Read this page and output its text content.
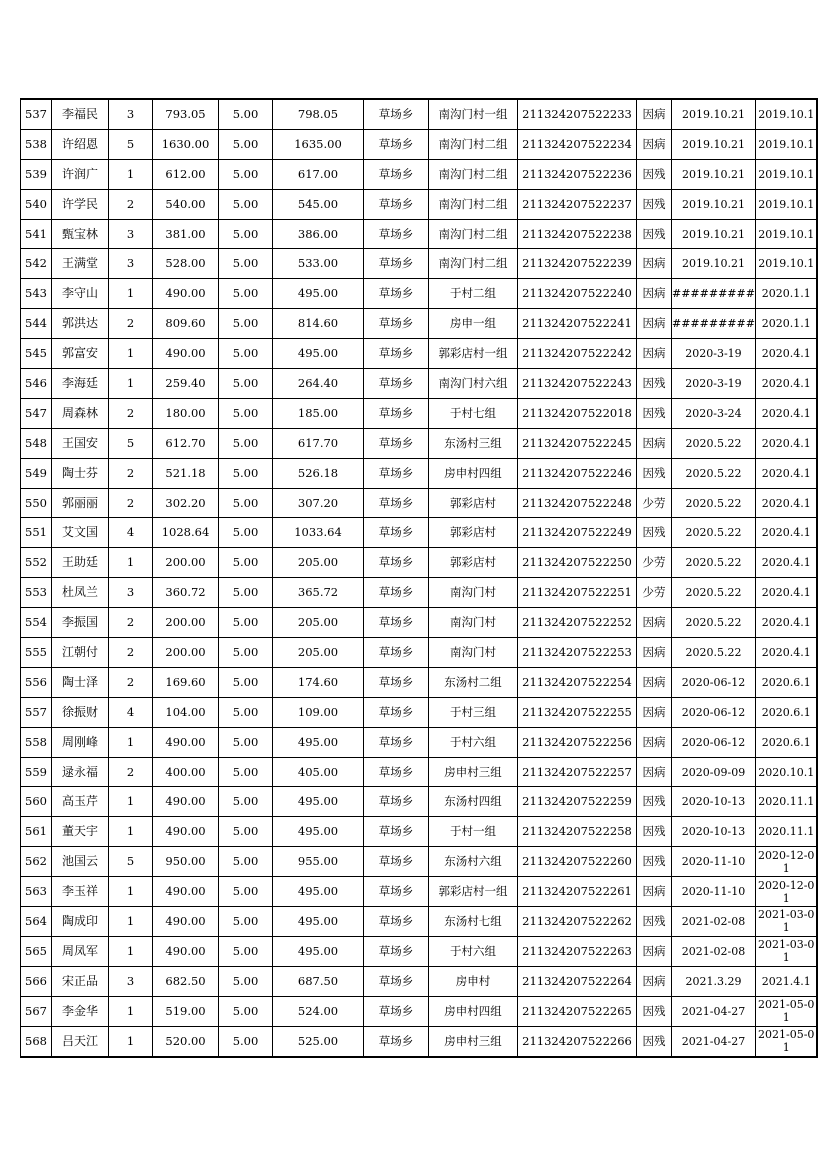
537	李福民	3	793.05	5.00	798.05	草场乡	南沟门村一组	211324207522233	因病	2019.10.21	2019.10.1
538	许绍恩	5	1630.00	5.00	1635.00	草场乡	南沟门村二组	211324207522234	因病	2019.10.21	2019.10.1
539	许润广	1	612.00	5.00	617.00	草场乡	南沟门村二组	211324207522236	因残	2019.10.21	2019.10.1
540	许学民	2	540.00	5.00	545.00	草场乡	南沟门村二组	211324207522237	因残	2019.10.21	2019.10.1
541	甄宝林	3	381.00	5.00	386.00	草场乡	南沟门村二组	211324207522238	因残	2019.10.21	2019.10.1
542	王满堂	3	528.00	5.00	533.00	草场乡	南沟门村二组	211324207522239	因病	2019.10.21	2019.10.1
543	李守山	1	490.00	5.00	495.00	草场乡	于村二组	211324207522240	因病	#########	2020.1.1
544	郭洪达	2	809.60	5.00	814.60	草场乡	房申一组	211324207522241	因病	#########	2020.1.1
545	郭富安	1	490.00	5.00	495.00	草场乡	郭彩店村一组	211324207522242	因病	2020-3-19	2020.4.1
546	李海廷	1	259.40	5.00	264.40	草场乡	南沟门村六组	211324207522243	因残	2020-3-19	2020.4.1
547	周森林	2	180.00	5.00	185.00	草场乡	于村七组	211324207522018	因残	2020-3-24	2020.4.1
548	王国安	5	612.70	5.00	617.70	草场乡	东汤村三组	211324207522245	因病	2020.5.22	2020.4.1
549	陶士芬	2	521.18	5.00	526.18	草场乡	房申村四组	211324207522246	因残	2020.5.22	2020.4.1
550	郭丽丽	2	302.20	5.00	307.20	草场乡	郭彩店村	211324207522248	少劳	2020.5.22	2020.4.1
551	艾文国	4	1028.64	5.00	1033.64	草场乡	郭彩店村	211324207522249	因残	2020.5.22	2020.4.1
552	王助廷	1	200.00	5.00	205.00	草场乡	郭彩店村	211324207522250	少劳	2020.5.22	2020.4.1
553	杜凤兰	3	360.72	5.00	365.72	草场乡	南沟门村	211324207522251	少劳	2020.5.22	2020.4.1
554	李振国	2	200.00	5.00	205.00	草场乡	南沟门村	211324207522252	因病	2020.5.22	2020.4.1
555	江朝付	2	200.00	5.00	205.00	草场乡	南沟门村	211324207522253	因病	2020.5.22	2020.4.1
556	陶士泽	2	169.60	5.00	174.60	草场乡	东汤村二组	211324207522254	因病	2020-06-12	2020.6.1
557	徐振财	4	104.00	5.00	109.00	草场乡	于村三组	211324207522255	因病	2020-06-12	2020.6.1
558	周刚峰	1	490.00	5.00	495.00	草场乡	于村六组	211324207522256	因病	2020-06-12	2020.6.1
559	逯永福	2	400.00	5.00	405.00	草场乡	房申村三组	211324207522257	因病	2020-09-09	2020.10.1
560	高玉芹	1	490.00	5.00	495.00	草场乡	东汤村四组	211324207522259	因残	2020-10-13	2020.11.1
561	董天宇	1	490.00	5.00	495.00	草场乡	于村一组	211324207522258	因残	2020-10-13	2020.11.1
562	池国云	5	950.00	5.00	955.00	草场乡	东汤村六组	211324207522260	因残	2020-11-10	2020-12-01
563	李玉祥	1	490.00	5.00	495.00	草场乡	郭彩店村一组	211324207522261	因病	2020-11-10	2020-12-01
564	陶成印	1	490.00	5.00	495.00	草场乡	东汤村七组	211324207522262	因残	2021-02-08	2021-03-01
565	周凤军	1	490.00	5.00	495.00	草场乡	于村六组	211324207522263	因病	2021-02-08	2021-03-01
566	宋正品	3	682.50	5.00	687.50	草场乡	房申村	211324207522264	因病	2021.3.29	2021.4.1
567	李金华	1	519.00	5.00	524.00	草场乡	房申村四组	211324207522265	因残	2021-04-27	2021-05-01
568	吕天江	1	520.00	5.00	525.00	草场乡	房申村三组	211324207522266	因残	2021-04-27	2021-05-01
